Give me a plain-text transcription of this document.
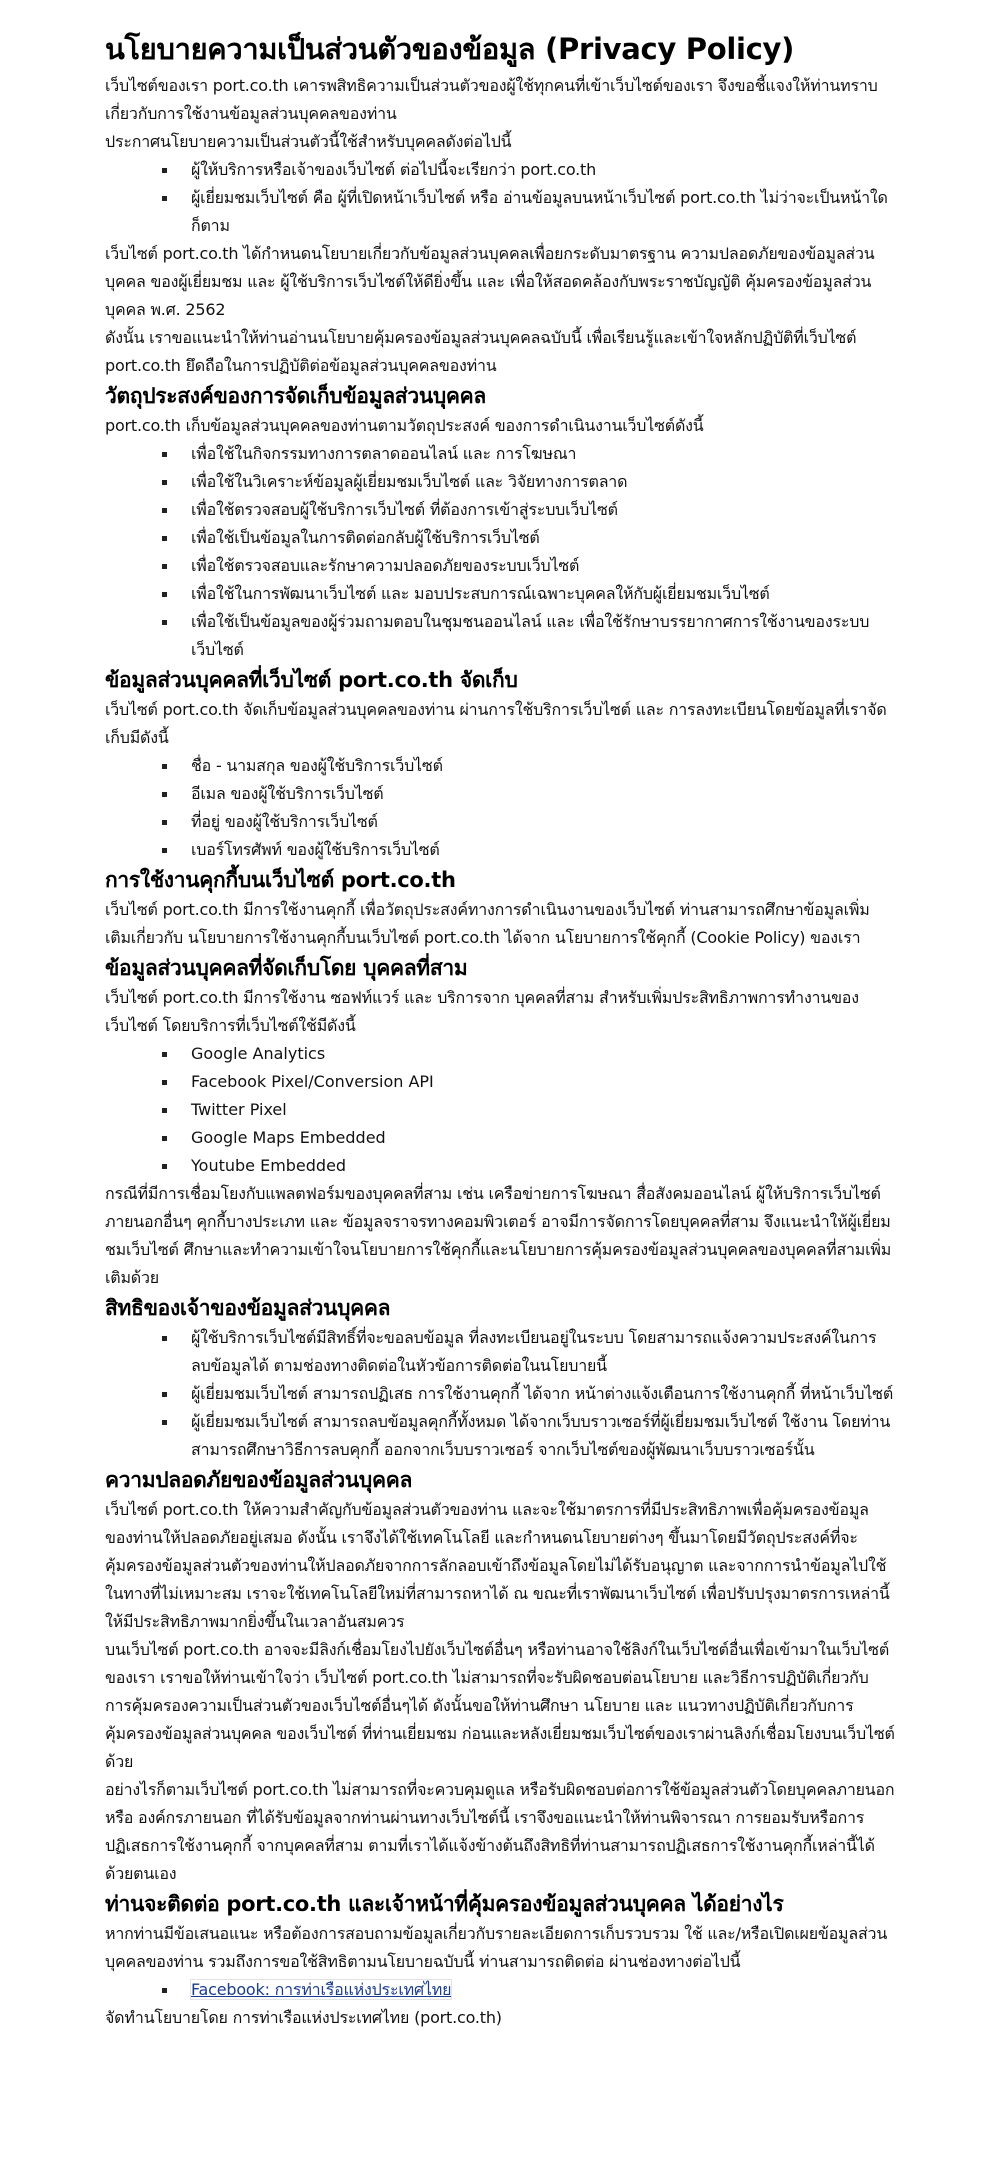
นโยบายความเป็นส่วนตัวของข้อมูล (Privacy Policy)

เว็บไซต์ของเรา port.co.th เคารพสิทธิความเป็นส่วนตัวของผู้ใช้ทุกคนที่เข้าเว็บไซต์ของเรา จึงขอชี้แจงให้ท่านทราบเกี่ยวกับการใช้งานข้อมูลส่วนบุคคลของท่าน

ประกาศนโยบายความเป็นส่วนตัวนี้ใช้สำหรับบุคคลดังต่อไปนี้

ผู้ให้บริการหรือเจ้าของเว็บไซต์ ต่อไปนี้จะเรียกว่า port.co.th
ผู้เยี่ยมชมเว็บไซต์ คือ ผู้ที่เปิดหน้าเว็บไซต์ หรือ อ่านข้อมูลบนหน้าเว็บไซต์ port.co.th ไม่ว่าจะเป็นหน้าใดก็ตาม

เว็บไซต์ port.co.th ได้กำหนดนโยบายเกี่ยวกับข้อมูลส่วนบุคคลเพื่อยกระดับมาตรฐาน ความปลอดภัยของข้อมูลส่วนบุคคล ของผู้เยี่ยมชม และ ผู้ใช้บริการเว็บไซต์ให้ดียิ่งขึ้น และ เพื่อให้สอดคล้องกับพระราชบัญญัติ คุ้มครองข้อมูลส่วนบุคคล พ.ศ. 2562

ดังนั้น เราขอแนะนำให้ท่านอ่านนโยบายคุ้มครองข้อมูลส่วนบุคคลฉบับนี้ เพื่อเรียนรู้และเข้าใจหลักปฏิบัติที่เว็บไซต์ port.co.th ยึดถือในการปฏิบัติต่อข้อมูลส่วนบุคคลของท่าน

วัตถุประสงค์ของการจัดเก็บข้อมูลส่วนบุคคล

port.co.th เก็บข้อมูลส่วนบุคคลของท่านตามวัตถุประสงค์ ของการดำเนินงานเว็บไซต์ดังนี้

เพื่อใช้ในกิจกรรมทางการตลาดออนไลน์ และ การโฆษณา
เพื่อใช้ในวิเคราะห์ข้อมูลผู้เยี่ยมชมเว็บไซต์ และ วิจัยทางการตลาด
เพื่อใช้ตรวจสอบผู้ใช้บริการเว็บไซต์ ที่ต้องการเข้าสู่ระบบเว็บไซต์
เพื่อใช้เป็นข้อมูลในการติดต่อกลับผู้ใช้บริการเว็บไซต์
เพื่อใช้ตรวจสอบและรักษาความปลอดภัยของระบบเว็บไซต์
เพื่อใช้ในการพัฒนาเว็บไซต์ และ มอบประสบการณ์เฉพาะบุคคลให้กับผู้เยี่ยมชมเว็บไซต์
เพื่อใช้เป็นข้อมูลของผู้ร่วมถามตอบในชุมชนออนไลน์ และ เพื่อใช้รักษาบรรยากาศการใช้งานของระบบเว็บไซต์
ข้อมูลส่วนบุคคลที่เว็บไซต์ port.co.th จัดเก็บ

เว็บไซต์ port.co.th จัดเก็บข้อมูลส่วนบุคคลของท่าน ผ่านการใช้บริการเว็บไซต์ และ การลงทะเบียนโดยข้อมูลที่เราจัดเก็บมีดังนี้

ชื่อ - นามสกุล ของผู้ใช้บริการเว็บไซต์
อีเมล ของผู้ใช้บริการเว็บไซต์
ที่อยู่ ของผู้ใช้บริการเว็บไซต์
เบอร์โทรศัพท์ ของผู้ใช้บริการเว็บไซต์
การใช้งานคุกกี้บนเว็บไซต์ port.co.th

เว็บไซต์ port.co.th มีการใช้งานคุกกี้ เพื่อวัตถุประสงค์ทางการดำเนินงานของเว็บไซต์ ท่านสามารถศึกษาข้อมูลเพิ่มเติมเกี่ยวกับ นโยบายการใช้งานคุกกี้บนเว็บไซต์ port.co.th ได้จาก นโยบายการใช้คุกกี้ (Cookie Policy) ของเรา

ข้อมูลส่วนบุคคลที่จัดเก็บโดย บุคคลที่สาม

เว็บไซต์ port.co.th มีการใช้งาน ซอฟท์แวร์ และ บริการจาก บุคคลที่สาม สำหรับเพิ่มประสิทธิภาพการทำงานของเว็บไซต์ โดยบริการที่เว็บไซต์ใช้มีดังนี้

Google Analytics
Facebook Pixel/Conversion API
Twitter Pixel
Google Maps Embedded
Youtube Embedded

กรณีที่มีการเชื่อมโยงกับแพลตฟอร์มของบุคคลที่สาม เช่น เครือข่ายการโฆษณา สื่อสังคมออนไลน์ ผู้ให้บริการเว็บไซต์ภายนอกอื่นๆ คุกกี้บางประเภท และ ข้อมูลจราจรทางคอมพิวเตอร์ อาจมีการจัดการโดยบุคคลที่สาม จึงแนะนำให้ผู้เยี่ยมชมเว็บไซต์ ศึกษาและทำความเข้าใจนโยบายการใช้คุกกี้และนโยบายการคุ้มครองข้อมูลส่วนบุคคลของบุคคลที่สามเพิ่มเติมด้วย

สิทธิของเจ้าของข้อมูลส่วนบุคคล
ผู้ใช้บริการเว็บไซต์มีสิทธิ์ที่จะขอลบข้อมูล ที่ลงทะเบียนอยู่ในระบบ โดยสามารถแจ้งความประสงค์ในการลบข้อมูลได้ ตามช่องทางติดต่อในหัวข้อการติดต่อในนโยบายนี้
ผู้เยี่ยมชมเว็บไซต์ สามารถปฏิเสธ การใช้งานคุกกี้ ได้จาก หน้าต่างแจ้งเตือนการใช้งานคุกกี้ ที่หน้าเว็บไซต์
ผู้เยี่ยมชมเว็บไซต์ สามารถลบข้อมูลคุกกี้ทั้งหมด ได้จากเว็บบราวเซอร์ที่ผู้เยี่ยมชมเว็บไซต์ ใช้งาน โดยท่านสามารถศึกษาวิธีการลบคุกกี้ ออกจากเว็บบราวเซอร์ จากเว็บไซต์ของผู้พัฒนาเว็บบราวเซอร์นั้น
ความปลอดภัยของข้อมูลส่วนบุคคล

เว็บไซต์ port.co.th ให้ความสำคัญกับข้อมูลส่วนตัวของท่าน และจะใช้มาตรการที่มีประสิทธิภาพเพื่อคุ้มครองข้อมูลของท่านให้ปลอดภัยอยู่เสมอ ดังนั้น เราจึงได้ใช้เทคโนโลยี และกำหนดนโยบายต่างๆ ขึ้นมาโดยมีวัตถุประสงค์ที่จะคุ้มครองข้อมูลส่วนตัวของท่านให้ปลอดภัยจากการลักลอบเข้าถึงข้อมูลโดยไม่ได้รับอนุญาต และจากการนำข้อมูลไปใช้ในทางที่ไม่เหมาะสม เราจะใช้เทคโนโลยีใหม่ที่สามารถหาได้ ณ ขณะที่เราพัฒนาเว็บไซต์ เพื่อปรับปรุงมาตรการเหล่านี้ให้มีประสิทธิภาพมากยิ่งขึ้นในเวลาอันสมควร

บนเว็บไซต์ port.co.th อาจจะมีลิงก์เชื่อมโยงไปยังเว็บไซต์อื่นๆ หรือท่านอาจใช้ลิงก์ในเว็บไซต์อื่นเพื่อเข้ามาในเว็บไซต์ของเรา เราขอให้ท่านเข้าใจว่า เว็บไซต์ port.co.th ไม่สามารถที่จะรับผิดชอบต่อนโยบาย และวิธีการปฏิบัติเกี่ยวกับการคุ้มครองความเป็นส่วนตัวของเว็บไซต์อื่นๆได้ ดังนั้นขอให้ท่านศึกษา นโยบาย และ แนวทางปฏิบัติเกี่ยวกับการคุ้มครองข้อมูลส่วนบุคคล ของเว็บไซต์ ที่ท่านเยี่ยมชม ก่อนและหลังเยี่ยมชมเว็บไซต์ของเราผ่านลิงก์เชื่อมโยงบนเว็บไซต์ด้วย

อย่างไรก็ตามเว็บไซต์ port.co.th ไม่สามารถที่จะควบคุมดูแล หรือรับผิดชอบต่อการใช้ข้อมูลส่วนตัวโดยบุคคลภายนอก หรือ องค์กรภายนอก ที่ได้รับข้อมูลจากท่านผ่านทางเว็บไซต์นี้ เราจึงขอแนะนำให้ท่านพิจารณา การยอมรับหรือการปฏิเสธการใช้งานคุกกี้ จากบุคคลที่สาม ตามที่เราได้แจ้งข้างต้นถึงสิทธิที่ท่านสามารถปฏิเสธการใช้งานคุกกี้เหล่านี้ได้ด้วยตนเอง

ท่านจะติดต่อ port.co.th และเจ้าหน้าที่คุ้มครองข้อมูลส่วนบุคคล ได้อย่างไร

หากท่านมีข้อเสนอแนะ หรือต้องการสอบถามข้อมูลเกี่ยวกับรายละเอียดการเก็บรวบรวม ใช้ และ/หรือเปิดเผยข้อมูลส่วนบุคคลของท่าน รวมถึงการขอใช้สิทธิตามนโยบายฉบับนี้ ท่านสามารถติดต่อ ผ่านช่องทางต่อไปนี้

Facebook: การท่าเรือแห่งประเทศไทย

จัดทำนโยบายโดย การท่าเรือแห่งประเทศไทย (port.co.th)
